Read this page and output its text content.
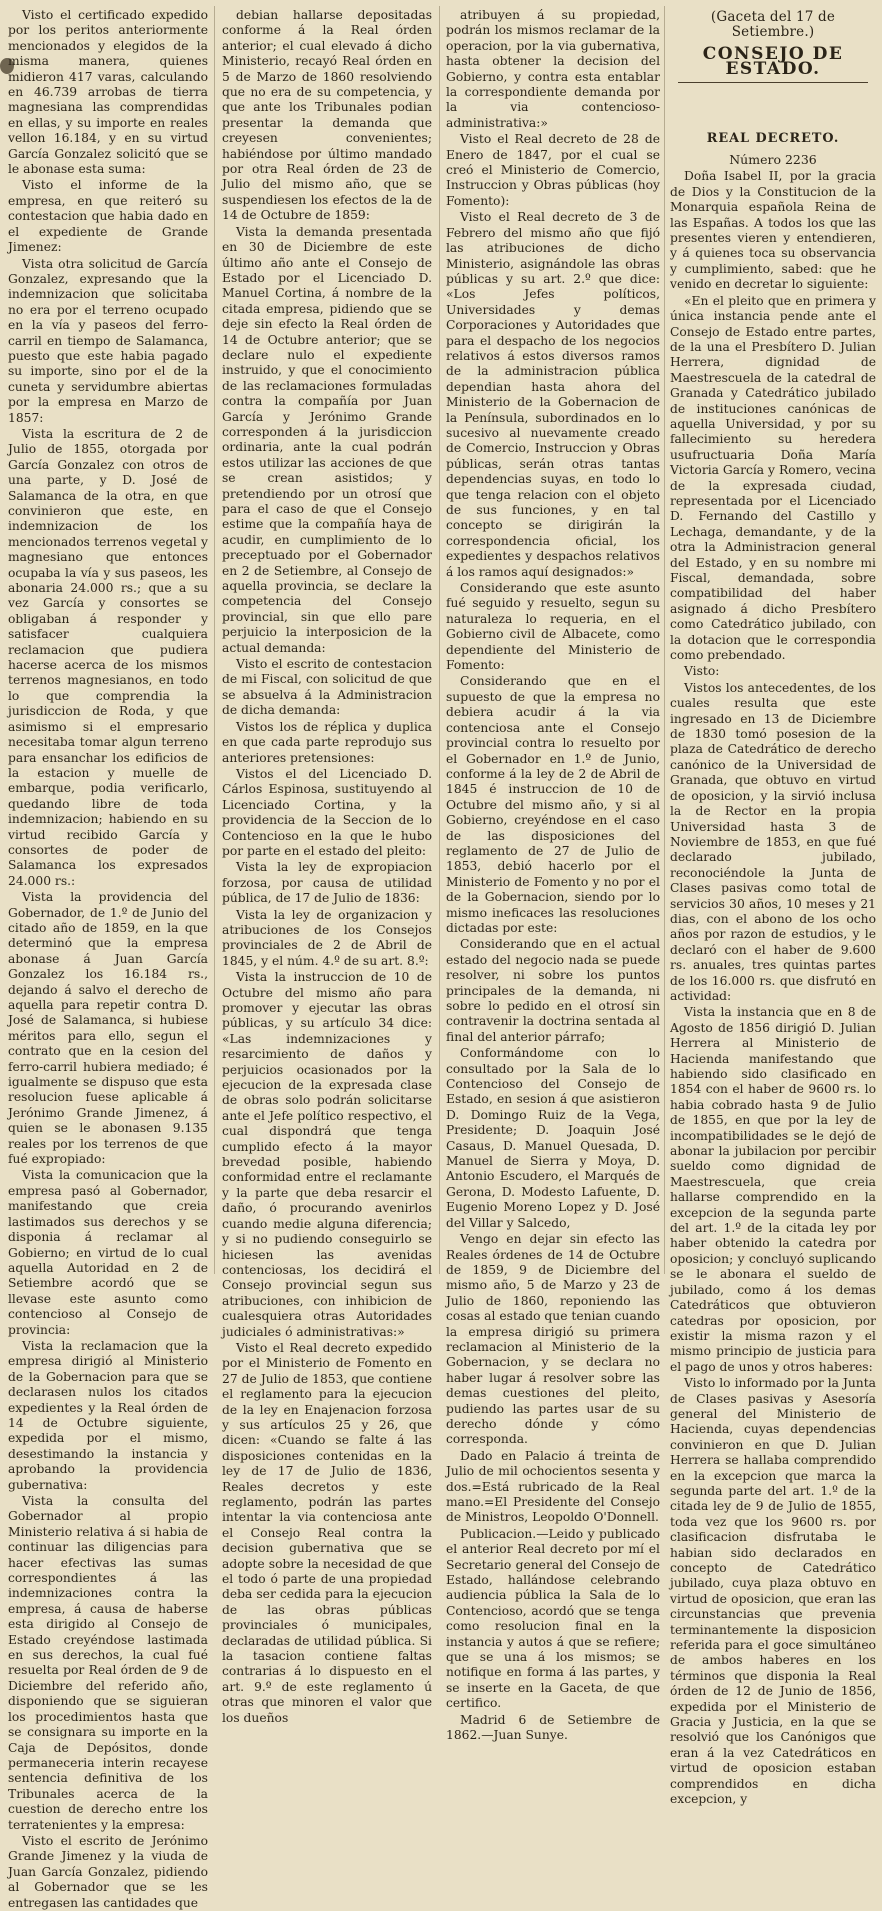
Visto el certificado expedido por los peritos anteriormente mencionados y elegidos de la misma manera, quienes midieron 417 varas, calculando en 46.739 arrobas de tierra magnesiana las comprendidas en ellas, y su importe en reales vellon 16.184, y en su virtud García Gonzalez solicitó que se le abonase esta suma:

Visto el informe de la empresa, en que reiteró su contestacion que habia dado en el expediente de Grande Jimenez:

Vista otra solicitud de García Gonzalez, expresando que la indemnizacion que solicitaba no era por el terreno ocupado en la vía y paseos del ferro-carril en tiempo de Salamanca, puesto que este habia pagado su importe, sino por el de la cuneta y servidumbre abiertas por la empresa en Marzo de 1857:

Vista la escritura de 2 de Julio de 1855, otorgada por García Gonzalez con otros de una parte, y D. José de Salamanca de la otra, en que convinieron que este, en indemnizacion de los mencionados terrenos vegetal y magnesiano que entonces ocupaba la vía y sus paseos, les abonaria 24.000 rs.; que a su vez García y consortes se obligaban á responder y satisfacer cualquiera reclamacion que pudiera hacerse acerca de los mismos terrenos magnesianos, en todo lo que comprendia la jurisdiccion de Roda, y que asimismo si el empresario necesitaba tomar algun terreno para ensanchar los edificios de la estacion y muelle de embarque, podia verificarlo, quedando libre de toda indemnizacion; habiendo en su virtud recibido García y consortes de poder de Salamanca los expresados 24.000 rs.:

Vista la providencia del Gobernador, de 1.º de Junio del citado año de 1859, en la que determinó que la empresa abonase á Juan García Gonzalez los 16.184 rs., dejando á salvo el derecho de aquella para repetir contra D. José de Salamanca, si hubiese méritos para ello, segun el contrato que en la cesion del ferro-carril hubiera mediado; é igualmente se dispuso que esta resolucion fuese aplicable á Jerónimo Grande Jimenez, á quien se le abonasen 9.135 reales por los terrenos de que fué expropiado:

Vista la comunicacion que la empresa pasó al Gobernador, manifestando que creia lastimados sus derechos y se disponia á reclamar al Gobierno; en virtud de lo cual aquella Autoridad en 2 de Setiembre acordó que se llevase este asunto como contencioso al Consejo de provincia:

Vista la reclamacion que la empresa dirigió al Ministerio de la Gobernacion para que se declarasen nulos los citados expedientes y la Real órden de 14 de Octubre siguiente, expedida por el mismo, desestimando la instancia y aprobando la providencia gubernativa:

Vista la consulta del Gobernador al propio Ministerio relativa á si habia de continuar las diligencias para hacer efectivas las sumas correspondientes á las indemnizaciones contra la empresa, á causa de haberse esta dirigido al Consejo de Estado creyéndose lastimada en sus derechos, la cual fué resuelta por Real órden de 9 de Diciembre del referido año, disponiendo que se siguieran los procedimientos hasta que se consignara su importe en la Caja de Depósitos, donde permaneceria interin recayese sentencia definitiva de los Tribunales acerca de la cuestion de derecho entre los terratenientes y la empresa:

Visto el escrito de Jerónimo Grande Jimenez y la viuda de Juan García Gonzalez, pidiendo al Gobernador que se les entregasen las cantidades que

debian hallarse depositadas conforme á la Real órden anterior; el cual elevado á dicho Ministerio, recayó Real órden en 5 de Marzo de 1860 resolviendo que no era de su competencia, y que ante los Tribunales podian presentar la demanda que creyesen convenientes; habiéndose por último mandado por otra Real órden de 23 de Julio del mismo año, que se suspendiesen los efectos de la de 14 de Octubre de 1859:

Vista la demanda presentada en 30 de Diciembre de este último año ante el Consejo de Estado por el Licenciado D. Manuel Cortina, á nombre de la citada empresa, pidiendo que se deje sin efecto la Real órden de 14 de Octubre anterior; que se declare nulo el expediente instruido, y que el conocimiento de las reclamaciones formuladas contra la compañía por Juan García y Jerónimo Grande corresponden á la jurisdiccion ordinaria, ante la cual podrán estos utilizar las acciones de que se crean asistidos; y pretendiendo por un otrosí que para el caso de que el Consejo estime que la compañía haya de acudir, en cumplimiento de lo preceptuado por el Gobernador en 2 de Setiembre, al Consejo de aquella provincia, se declare la competencia del Consejo provincial, sin que ello pare perjuicio la interposicion de la actual demanda:

Visto el escrito de contestacion de mi Fiscal, con solicitud de que se absuelva á la Administracion de dicha demanda:

Vistos los de réplica y duplica en que cada parte reprodujo sus anteriores pretensiones:

Vistos el del Licenciado D. Cárlos Espinosa, sustituyendo al Licenciado Cortina, y la providencia de la Seccion de lo Contencioso en la que le hubo por parte en el estado del pleito:

Vista la ley de expropiacion forzosa, por causa de utilidad pública, de 17 de Julio de 1836:

Vista la ley de organizacion y atribuciones de los Consejos provinciales de 2 de Abril de 1845, y el núm. 4.º de su art. 8.º:

Vista la instruccion de 10 de Octubre del mismo año para promover y ejecutar las obras públicas, y su artículo 34 dice: «Las indemnizaciones y resarcimiento de daños y perjuicios ocasionados por la ejecucion de la expresada clase de obras solo podrán solicitarse ante el Jefe político respectivo, el cual dispondrá que tenga cumplido efecto á la mayor brevedad posible, habiendo conformidad entre el reclamante y la parte que deba resarcir el daño, ó procurando avenirlos cuando medie alguna diferencia; y si no pudiendo conseguirlo se hiciesen las avenidas contenciosas, los decidirá el Consejo provincial segun sus atribuciones, con inhibicion de cualesquiera otras Autoridades judiciales ó administrativas:»

Visto el Real decreto expedido por el Ministerio de Fomento en 27 de Julio de 1853, que contiene el reglamento para la ejecucion de la ley en Enajenacion forzosa y sus artículos 25 y 26, que dicen: «Cuando se falte á las disposiciones contenidas en la ley de 17 de Julio de 1836, Reales decretos y este reglamento, podrán las partes intentar la via contenciosa ante el Consejo Real contra la decision gubernativa que se adopte sobre la necesidad de que el todo ó parte de una propiedad deba ser cedida para la ejecucion de las obras públicas provinciales ó municipales, declaradas de utilidad pública. Si la tasacion contiene faltas contrarias á lo dispuesto en el art. 9.º de este reglamento ú otras que minoren el valor que los dueños

atribuyen á su propiedad, podrán los mismos reclamar de la operacion, por la via gubernativa, hasta obtener la decision del Gobierno, y contra esta entablar la correspondiente demanda por la via contencioso-administrativa:»

Visto el Real decreto de 28 de Enero de 1847, por el cual se creó el Ministerio de Comercio, Instruccion y Obras públicas (hoy Fomento):

Visto el Real decreto de 3 de Febrero del mismo año que fijó las atribuciones de dicho Ministerio, asignándole las obras públicas y su art. 2.º que dice: «Los Jefes políticos, Universidades y demas Corporaciones y Autoridades que para el despacho de los negocios relativos á estos diversos ramos de la administracion pública dependian hasta ahora del Ministerio de la Gobernacion de la Península, subordinados en lo sucesivo al nuevamente creado de Comercio, Instruccion y Obras públicas, serán otras tantas dependencias suyas, en todo lo que tenga relacion con el objeto de sus funciones, y en tal concepto se dirigirán la correspondencia oficial, los expedientes y despachos relativos á los ramos aquí designados:»

Considerando que este asunto fué seguido y resuelto, segun su naturaleza lo requeria, en el Gobierno civil de Albacete, como dependiente del Ministerio de Fomento:

Considerando que en el supuesto de que la empresa no debiera acudir á la via contenciosa ante el Consejo provincial contra lo resuelto por el Gobernador en 1.º de Junio, conforme á la ley de 2 de Abril de 1845 é instruccion de 10 de Octubre del mismo año, y si al Gobierno, creyéndose en el caso de las disposiciones del reglamento de 27 de Julio de 1853, debió hacerlo por el Ministerio de Fomento y no por el de la Gobernacion, siendo por lo mismo ineficaces las resoluciones dictadas por este:

Considerando que en el actual estado del negocio nada se puede resolver, ni sobre los puntos principales de la demanda, ni sobre lo pedido en el otrosí sin contravenir la doctrina sentada al final del anterior párrafo;

Conformándome con lo consultado por la Sala de lo Contencioso del Consejo de Estado, en sesion á que asistieron D. Domingo Ruiz de la Vega, Presidente; D. Joaquin José Casaus, D. Manuel Quesada, D. Manuel de Sierra y Moya, D. Antonio Escudero, el Marqués de Gerona, D. Modesto Lafuente, D. Eugenio Moreno Lopez y D. José del Villar y Salcedo,

Vengo en dejar sin efecto las Reales órdenes de 14 de Octubre de 1859, 9 de Diciembre del mismo año, 5 de Marzo y 23 de Julio de 1860, reponiendo las cosas al estado que tenian cuando la empresa dirigió su primera reclamacion al Ministerio de la Gobernacion, y se declara no haber lugar á resolver sobre las demas cuestiones del pleito, pudiendo las partes usar de su derecho dónde y cómo corresponda.

Dado en Palacio á treinta de Julio de mil ochocientos sesenta y dos.=Está rubricado de la Real mano.=El Presidente del Consejo de Ministros, Leopoldo O'Donnell.

Publicacion.—Leido y publicado el anterior Real decreto por mí el Secretario general del Consejo de Estado, hallándose celebrando audiencia pública la Sala de lo Contencioso, acordó que se tenga como resolucion final en la instancia y autos á que se refiere; que se una á los mismos; se notifique en forma á las partes, y se inserte en la Gaceta, de que certifico.

Madrid 6 de Setiembre de 1862.—Juan Sunye.

(Gaceta del 17 de Setiembre.)
CONSEJO DE ESTADO.
REAL DECRETO.
Número 2236

Doña Isabel II, por la gracia de Dios y la Constitucion de la Monarquia española Reina de las Españas. A todos los que las presentes vieren y entendieren, y á quienes toca su observancia y cumplimiento, sabed: que he venido en decretar lo siguiente:

«En el pleito que en primera y única instancia pende ante el Consejo de Estado entre partes, de la una el Presbítero D. Julian Herrera, dignidad de Maestrescuela de la catedral de Granada y Catedrático jubilado de instituciones canónicas de aquella Universidad, y por su fallecimiento su heredera usufructuaria Doña María Victoria García y Romero, vecina de la expresada ciudad, representada por el Licenciado D. Fernando del Castillo y Lechaga, demandante, y de la otra la Administracion general del Estado, y en su nombre mi Fiscal, demandada, sobre compatibilidad del haber asignado á dicho Presbítero como Catedrático jubilado, con la dotacion que le correspondia como prebendado.

Visto:

Vistos los antecedentes, de los cuales resulta que este ingresado en 13 de Diciembre de 1830 tomó posesion de la plaza de Catedrático de derecho canónico de la Universidad de Granada, que obtuvo en virtud de oposicion, y la sirvió inclusa la de Rector en la propia Universidad hasta 3 de Noviembre de 1853, en que fué declarado jubilado, reconociéndole la Junta de Clases pasivas como total de servicios 30 años, 10 meses y 21 dias, con el abono de los ocho años por razon de estudios, y le declaró con el haber de 9.600 rs. anuales, tres quintas partes de los 16.000 rs. que disfrutó en actividad:

Vista la instancia que en 8 de Agosto de 1856 dirigió D. Julian Herrera al Ministerio de Hacienda manifestando que habiendo sido clasificado en 1854 con el haber de 9600 rs. lo habia cobrado hasta 9 de Julio de 1855, en que por la ley de incompatibilidades se le dejó de abonar la jubilacion por percibir sueldo como dignidad de Maestrescuela, que creia hallarse comprendido en la excepcion de la segunda parte del art. 1.º de la citada ley por haber obtenido la catedra por oposicion; y concluyó suplicando se le abonara el sueldo de jubilado, como á los demas Catedráticos que obtuvieron catedras por oposicion, por existir la misma razon y el mismo principio de justicia para el pago de unos y otros haberes:

Visto lo informado por la Junta de Clases pasivas y Asesoría general del Ministerio de Hacienda, cuyas dependencias convinieron en que D. Julian Herrera se hallaba comprendido en la excepcion que marca la segunda parte del art. 1.º de la citada ley de 9 de Julio de 1855, toda vez que los 9600 rs. por clasificacion disfrutaba le habian sido declarados en concepto de Catedrático jubilado, cuya plaza obtuvo en virtud de oposicion, que eran las circunstancias que prevenia terminantemente la disposicion referida para el goce simultáneo de ambos haberes en los términos que disponia la Real órden de 12 de Junio de 1856, expedida por el Ministerio de Gracia y Justicia, en la que se resolvió que los Canónigos que eran á la vez Catedráticos en virtud de oposicion estaban comprendidos en dicha excepcion, y
